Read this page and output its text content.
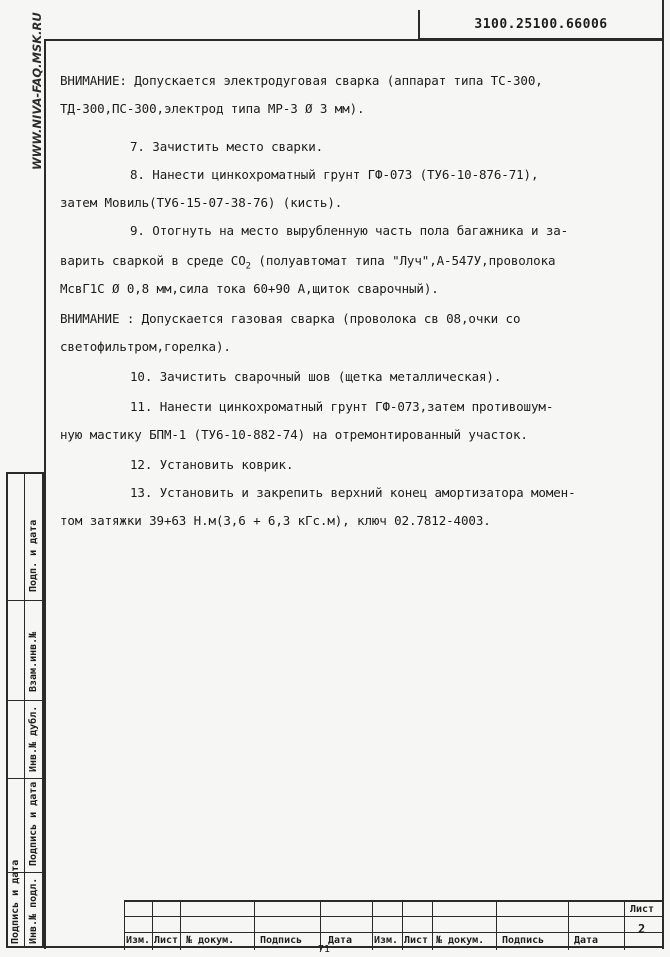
3100.25100.66006
WWW.NIVA-FAQ.MSK.RU ВНИМАНИЕ: Допускается электродуговая сварка (аппарат типа ТС-300,
ТД-300,ПС-300,электрод типа МР-3 Ø 3 мм).
7. Зачистить место сварки.
8. Нанести цинкохроматный грунт ГФ-073 (ТУ6-10-876-71),
затем Мовиль(ТУ6-15-07-38-76) (кисть).
9. Отогнуть на место вырубленную часть пола багажника и за-
варить сваркой в среде $СО_2$ (полуавтомат типа "Луч",А-547У,проволока
МсвГ1С Ø 0,8 мм,сила тока 60+90 А,щиток сварочный).
ВНИМАНИЕ : Допускается газовая сварка (проволока св 08,очки со
светофильтром,горелка).
10. Зачистить сварочный шов (щетка металлическая).
11. Нанести цинкохроматный грунт ГФ-073,затем противошум-
ную мастику БПМ-1 (ТУ6-10-882-74) на отремонтированный участок.
12. Установить коврик.
13. Установить и закрепить верхний конец амортизатора момен-
том затяжки 39+63 Н.м(3,6 + 6,3 кГс.м), ключ 02.7812-4003.
Подп. и дата
Взам.инв.№
Инв.№ дубл.
Подпись и дата
Инв.№ подл.
Подпись и дата	Изм. Лист № докум.	Подпись	Дата Изм. Лист № докум. Подпись	Дата
Лист
2
71
